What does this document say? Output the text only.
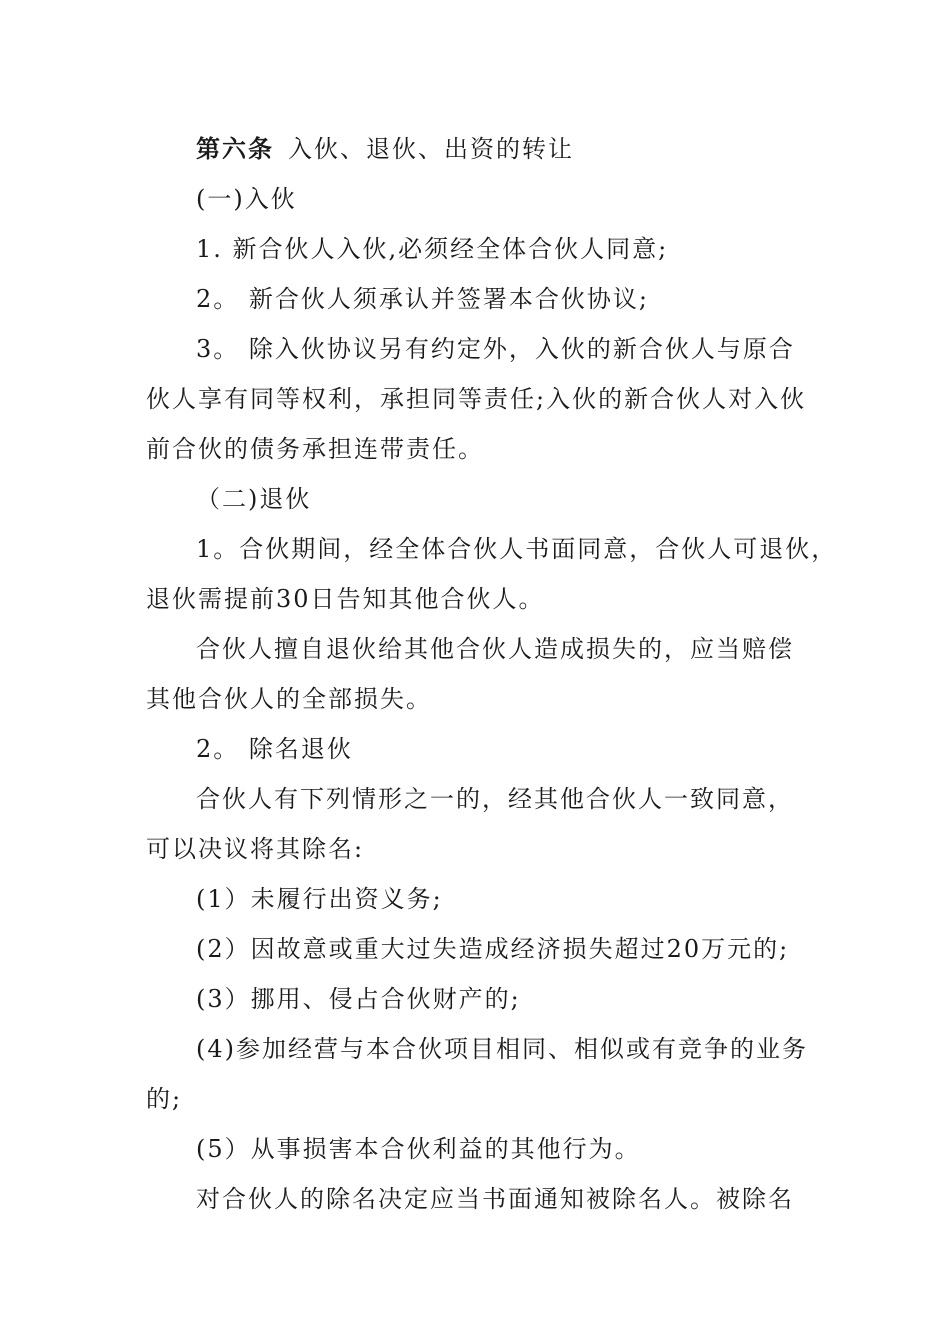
第六条 入伙、退伙、出资的转让
(一)入伙
1. 新合伙人入伙,必须经全体合伙人同意;
2。 新合伙人须承认并签署本合伙协议;
3。 除入伙协议另有约定外，入伙的新合伙人与原合
伙人享有同等权利，承担同等责任;入伙的新合伙人对入伙
前合伙的债务承担连带责任。
（二)退伙
1。合伙期间，经全体合伙人书面同意，合伙人可退伙，
退伙需提前30日告知其他合伙人。
合伙人擅自退伙给其他合伙人造成损失的，应当赔偿
其他合伙人的全部损失。
2。 除名退伙
合伙人有下列情形之一的，经其他合伙人一致同意，
可以决议将其除名:
(1）未履行出资义务;
(2）因故意或重大过失造成经济损失超过20万元的;
(3）挪用、侵占合伙财产的;
(4)参加经营与本合伙项目相同、相似或有竞争的业务
的;
(5）从事损害本合伙利益的其他行为。
对合伙人的除名决定应当书面通知被除名人。被除名
